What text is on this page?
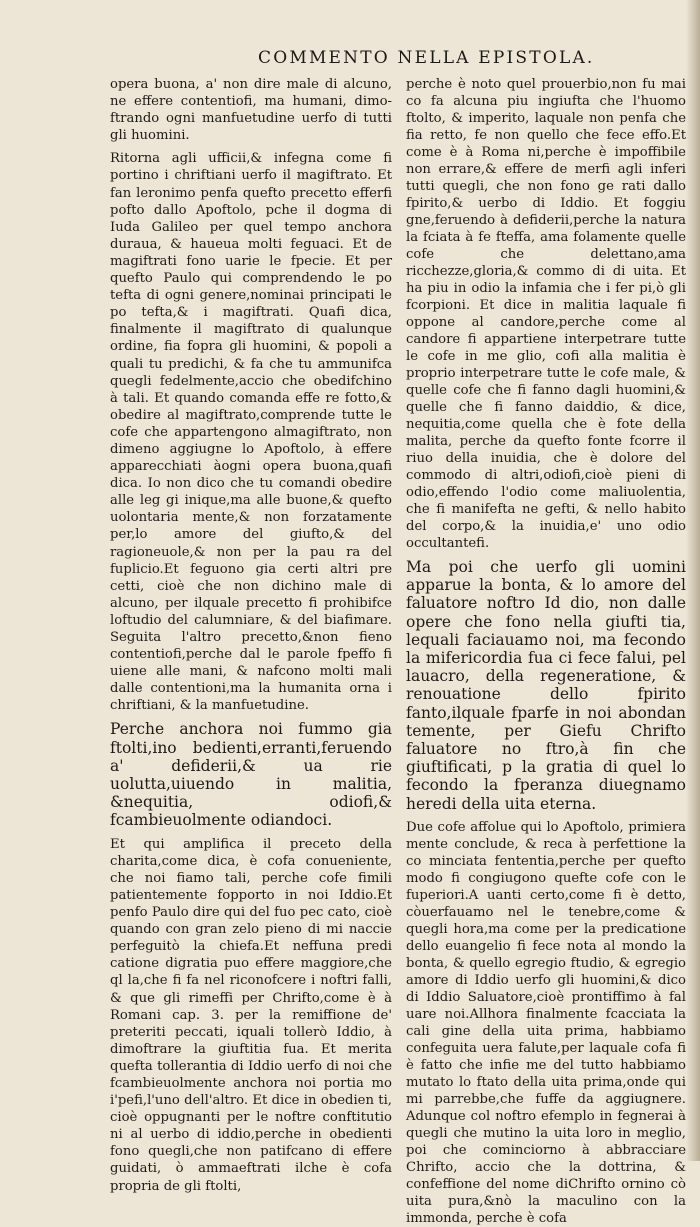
COMMENTO NELLA EPISTOLA.

opera buona, a' non dire male di alcuno, ne effere contentiofi, ma humani, dimo-ftrando ogni manfuetudine uerfo di tutti gli huomini.

Ritorna agli ufficii,& infegna come fi portino i chriftiani uerfo il magiftrato. Et fan leronimo penfa quefto precetto efferfi pofto dallo Apoftolo, pche il dogma di Iuda Galileo per quel tempo anchora duraua, & haueua molti feguaci. Et de magiftrati fono uarie le fpecie. Et per quefto Paulo qui comprendendo le po tefta di ogni genere,nominai principati le po tefta,& i magiftrati. Quafi dica, finalmente il magiftrato di qualunque ordine, fia fopra gli huomini, & popoli a quali tu predichi, & fa che tu ammunifca quegli fedelmente,accio che obedifchino à tali. Et quando comanda effe re fotto,& obedire al magiftrato,comprende tutte le cofe che appartengono almagiftrato, non dimeno aggiugne lo Apoftolo, à effere apparecchiati àogni opera buona,quafi dica. Io non dico che tu comandi obedire alle leg gi inique,ma alle buone,& quefto uolontaria mente,& non forzatamente per,lo amore del giufto,& del ragioneuole,& non per la pau ra del fuplicio.Et feguono gia certi altri pre cetti, cioè che non dichino male di alcuno, per ilquale precetto fi prohibifce loftudio del calumniare, & del biafimare. Seguita l'altro precetto,&non fieno contentiofi,perche dal le parole fpeffo fi uiene alle mani, & nafcono molti mali dalle contentioni,ma la humanita orna i chriftiani, & la manfuetudine.

Perche anchora noi fummo gia ftolti,ino bedienti,erranti,feruendo a' defiderii,& ua rie uolutta,uiuendo in malitia, &nequitia, odiofi,& fcambieuolmente odiandoci.

Et qui amplifica il preceto della charita,come dica, è cofa conueniente, che noi fiamo tali, perche cofe fimili patientemente fopporto in noi Iddio.Et penfo Paulo dire qui del fuo pec cato, cioè quando con gran zelo pieno di mi naccie perfeguitò la chiefa.Et neffuna predi catione digratia puo effere maggiore,che ql la,che fi fa nel riconofcere i noftri falli, & que gli rimeffi per Chrifto,come è à Romani cap. 3. per la remiffione de' preteriti peccati, iquali tollerò Iddio, à dimoftrare la giuftitia fua. Et merita quefta tollerantia di Iddio uerfo di noi che fcambieuolmente anchora noi portia mo i'pefi,l'uno dell'altro. Et dice in obedien ti, cioè oppugnanti per le noftre conftitutio ni al uerbo di iddio,perche in obedienti fono quegli,che non patifcano di effere guidati, ò ammaeftrati ilche è cofa propria de gli ftolti,

perche è noto quel prouerbio,non fu mai co fa alcuna piu ingiufta che l'huomo ftolto, & imperito, laquale non penfa che fia retto, fe non quello che fece effo.Et come è à Roma ni,perche è impoffibile non errare,& effere de merfi agli inferi tutti quegli, che non fono ge rati dallo fpirito,& uerbo di Iddio. Et foggiu gne,feruendo à defiderii,perche la natura la fciata à fe fteffa, ama folamente quelle cofe che delettano,ama ricchezze,gloria,& commo di di uita. Et ha piu in odio la infamia che i fer pi,ò gli fcorpioni. Et dice in malitia laquale fi oppone al candore,perche come al candore fi appartiene interpetrare tutte le cofe in me glio, cofi alla malitia è proprio interpetrare tutte le cofe male, & quelle cofe che fi fanno dagli huomini,& quelle che fi fanno daiddio, & dice, nequitia,come quella che è fote della malita, perche da quefto fonte fcorre il riuo della inuidia, che è dolore del commodo di altri,odiofi,cioè pieni di odio,effendo l'odio come maliuolentia, che fi manifefta ne gefti, & nello habito del corpo,& la inuidia,e' uno odio occultantefi.

Ma poi che uerfo gli uomini apparue la bonta, & lo amore del faluatore noftro Id dio, non dalle opere che fono nella giufti tia, lequali faciauamo noi, ma fecondo la mifericordia fua ci fece falui, pel lauacro, della regeneratione, & renouatione dello fpirito fanto,ilquale fparfe in noi abondan temente, per Giefu Chrifto faluatore no ftro,à fin che giuftificati, p la gratia di quel lo fecondo la fperanza diuegnamo heredi della uita eterna.

Due cofe affolue qui lo Apoftolo, primiera mente conclude, & reca à perfettione la co minciata fententia,perche per quefto modo fi congiugono quefte cofe con le fuperiori.A uanti certo,come fi è detto, còuerfauamo nel le tenebre,come & quegli hora,ma come per la predicatione dello euangelio fi fece nota al mondo la bonta, & quello egregio ftudio, & egregio amore di Iddio uerfo gli huomini,& dico di Iddio Saluatore,cioè prontiffimo à fal uare noi.Allhora finalmente fcacciata la cali gine della uita prima, habbiamo confeguita uera falute,per laquale cofa fi è fatto che infie me del tutto habbiamo mutato lo ftato della uita prima,onde qui mi parrebbe,che fuffe da aggiugnere. Adunque col noftro efemplo in fegnerai à quegli che mutino la uita loro in meglio, poi che cominciorno à abbracciare Chrifto, accio che la dottrina, & confeffione del nome diChrifto ornino cò uita pura,&nò la maculino con la immonda, perche è cofa
